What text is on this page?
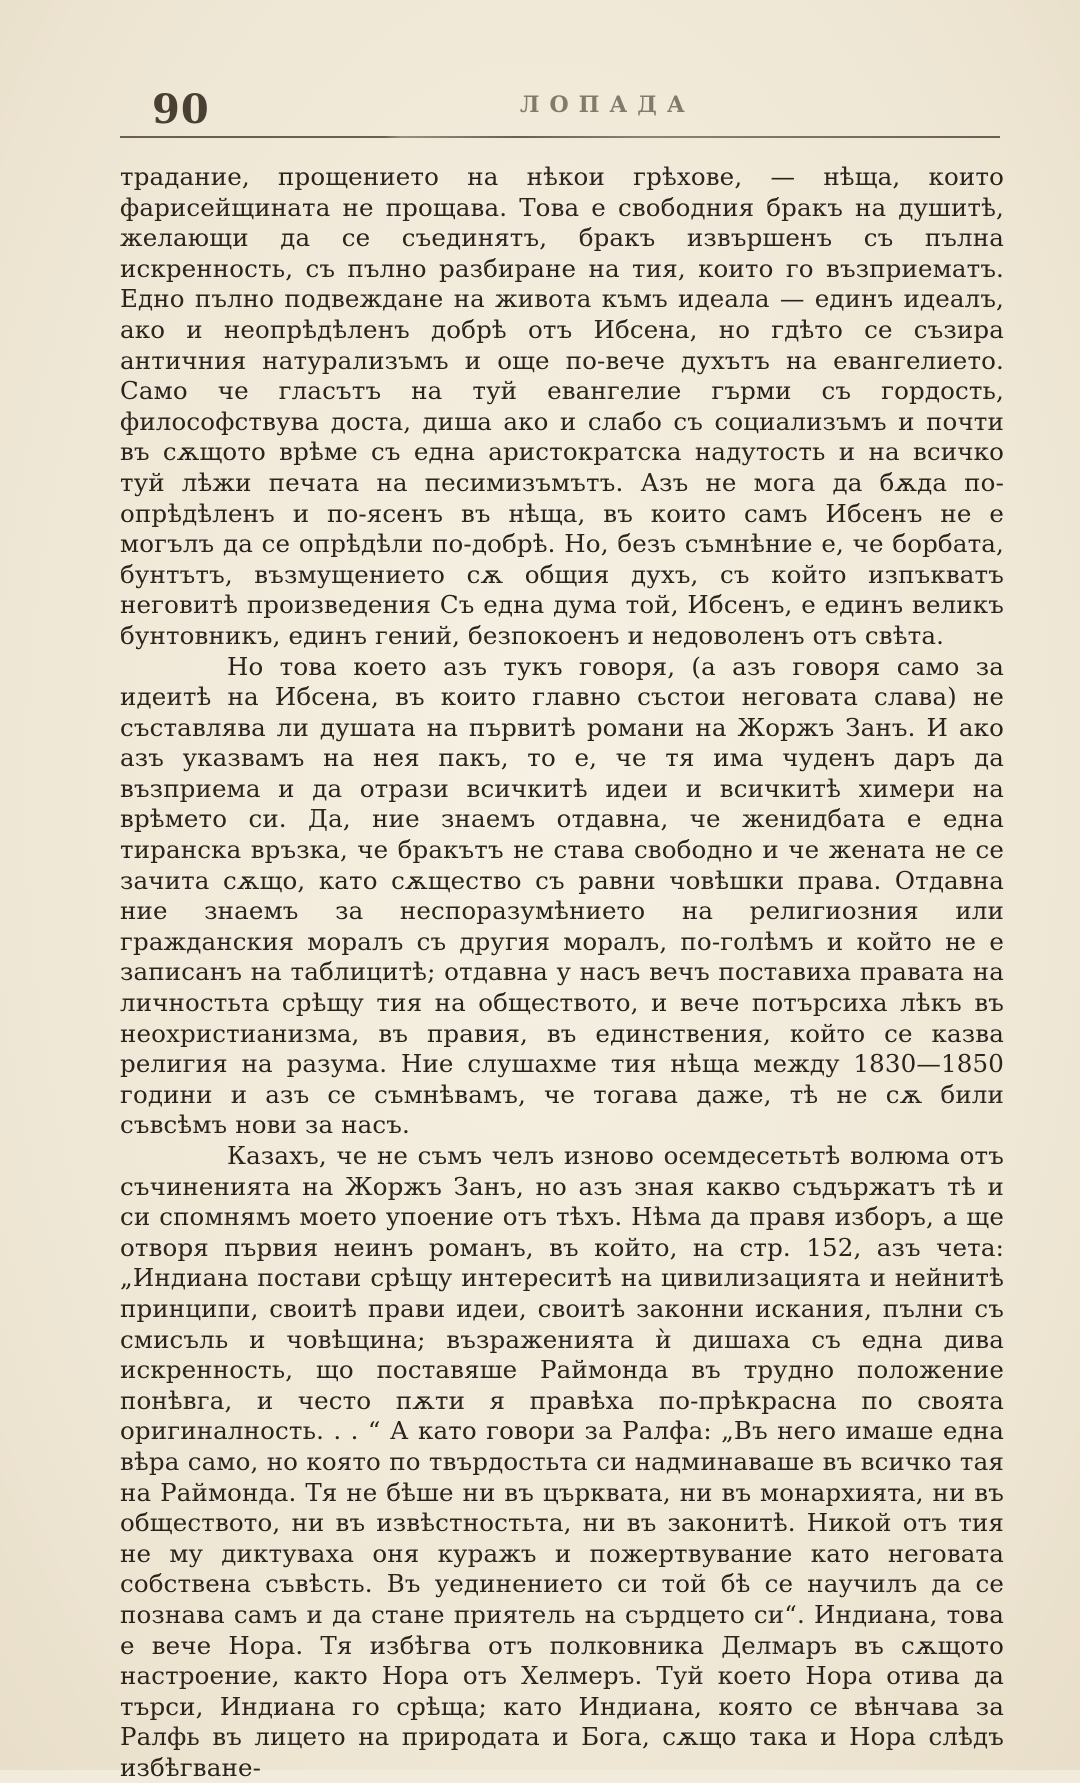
90	ЛОПАДА

традание, прощението на нѣкои грѣхове, — нѣща, които фарисейщината не прощава. Това е свободния бракъ на душитѣ, желающи да се съединятъ, бракъ извършенъ съ пълна искренность, съ пълно разбиране на тия, които го възприематъ. Едно пълно подвеждане на живота къмъ идеала — единъ идеалъ, ако и неопрѣдѣленъ добрѣ отъ Ибсена, но гдѣто се съзира античния натурализъмъ и още по-вече духътъ на евангелието. Само че гласътъ на туй евангелие гърми съ гордость, философствува доста, диша ако и слабо съ социализъмъ и почти въ сѫщото врѣме съ една аристократска надутость и на всичко туй лѣжи печата на песимизъмътъ. Азъ не мога да бѫда по-опрѣдѣленъ и по-ясенъ въ нѣща, въ които самъ Ибсенъ не е могълъ да се опрѣдѣли по-добрѣ. Но, безъ съмнѣние е, че борбата, бунтътъ, възмущението сѫ общия духъ, съ който изпъкватъ неговитѣ произведения Съ една дума той, Ибсенъ, е единъ великъ бунтовникъ, единъ гений, безпокоенъ и недоволенъ отъ свѣта.

Но това което азъ тукъ говоря, (а азъ говоря само за идеитѣ на Ибсена, въ които главно състои неговата слава) не съставлява ли душата на първитѣ романи на Жоржъ Занъ. И ако азъ указвамъ на нея пакъ, то е, че тя има чуденъ даръ да възприема и да отрази всичкитѣ идеи и всичкитѣ химери на врѣмето си. Да, ние знаемъ отдавна, че женидбата е една тиранска връзка, че бракътъ не става свободно и че жената не се зачита сѫщо, като сѫщество съ равни човѣшки права. Отдавна ние знаемъ за неспоразумѣнието на религиозния или гражданския моралъ съ другия моралъ, по-голѣмъ и който не е записанъ на таблицитѣ; отдавна у насъ вечъ поставиха правата на личностьта срѣщу тия на обществото, и вече потърсиха лѣкъ въ неохристианизма, въ правия, въ единствения, който се казва религия на разума. Ние слушахме тия нѣща между 1830—1850 години и азъ се съмнѣвамъ, че тогава даже, тѣ не сѫ били съвсѣмъ нови за насъ.

Казахъ, че не съмъ челъ изново осемдесетьтѣ волюма отъ съчиненията на Жоржъ Занъ, но азъ зная какво съдържатъ тѣ и си спомнямъ моето упоение отъ тѣхъ. Нѣма да правя изборъ, а ще отворя първия неинъ романъ, въ който, на стр. 152, азъ чета: „Индиана постави срѣщу интереситѣ на цивилизацията и нейнитѣ принципи, своитѣ прави идеи, своитѣ законни искания, пълни съ смисъль и човѣщина; възраженията ѝ дишаха съ една дива искренность, що поставяше Раймонда въ трудно положение понѣвга, и често пѫти я правѣха по-прѣкрасна по своята оригиналность. . . “ А като говори за Ралфа: „Въ него имаше една вѣра само, но която по твърдостьта си надминаваше въ всичко тая на Раймонда. Тя не бѣше ни въ църквата, ни въ монархията, ни въ обществото, ни въ извѣстностьта, ни въ законитѣ. Никой отъ тия не му диктуваха оня куражъ и пожертвувание като неговата собствена съвѣсть. Въ уединението си той бѣ се научилъ да се познава самъ и да стане приятель на сърдцето си“. Индиана, това е вече Нора. Тя избѣгва отъ полковника Делмаръ въ сѫщото настроение, както Нора отъ Хелмеръ. Туй което Нора отива да търси, Индиана го срѣща; като Индиана, която се вѣнчава за Ралфь въ лицето на природата и Бога, сѫщо така и Нора слѣдъ избѣгване-
